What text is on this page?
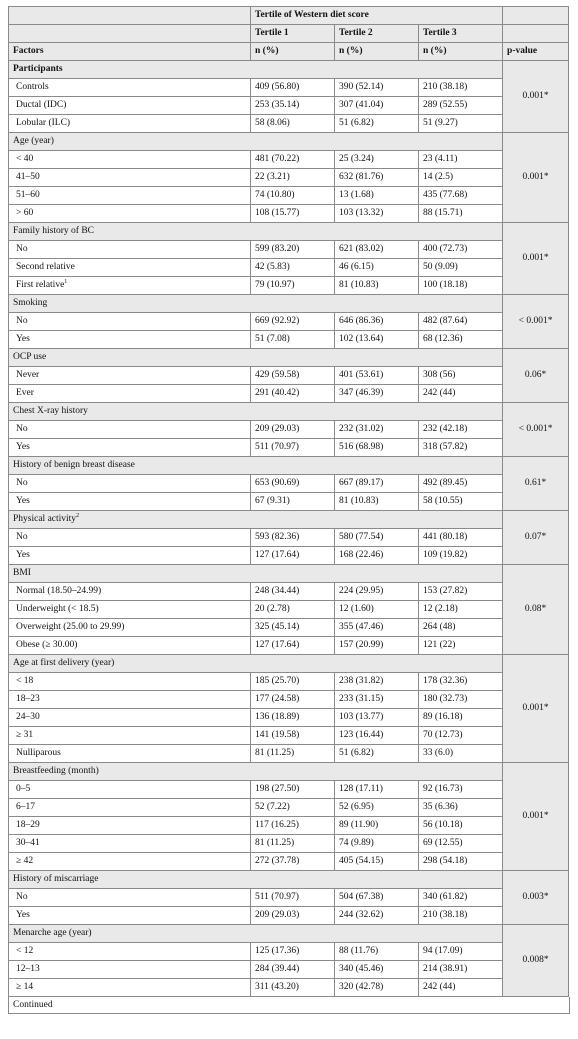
	Tertile of Western diet score			
	Tertile 1	Tertile 2	Tertile 3	
Factors	n (%)	n (%)	n (%)	p-value
Participants				0.001*
Controls	409 (56.80)	390 (52.14)	210 (38.18)	
Ductal (IDC)	253 (35.14)	307 (41.04)	289 (52.55)	
Lobular (ILC)	58 (8.06)	51 (6.82)	51 (9.27)	
Age (year)				0.001*
< 40	481 (70.22)	25 (3.24)	23 (4.11)	
41–50	22 (3.21)	632 (81.76)	14 (2.5)	
51–60	74 (10.80)	13 (1.68)	435 (77.68)	
> 60	108 (15.77)	103 (13.32)	88 (15.71)	
Family history of BC				0.001*
No	599 (83.20)	621 (83.02)	400 (72.73)	
Second relative	42 (5.83)	46 (6.15)	50 (9.09)	
First relative$^1$	79 (10.97)	81 (10.83)	100 (18.18)	
Smoking				< 0.001*
No	669 (92.92)	646 (86.36)	482 (87.64)	
Yes	51 (7.08)	102 (13.64)	68 (12.36)	
OCP use				0.06*
Never	429 (59.58)	401 (53.61)	308 (56)	
Ever	291 (40.42)	347 (46.39)	242 (44)	
Chest X-ray history				< 0.001*
No	209 (29.03)	232 (31.02)	232 (42.18)	
Yes	511 (70.97)	516 (68.98)	318 (57.82)	
History of benign breast disease				0.61*
No	653 (90.69)	667 (89.17)	492 (89.45)	
Yes	67 (9.31)	81 (10.83)	58 (10.55)	
Physical activity$^2$				0.07*
No	593 (82.36)	580 (77.54)	441 (80.18)	
Yes	127 (17.64)	168 (22.46)	109 (19.82)	
BMI				0.08*
Normal (18.50–24.99)	248 (34.44)	224 (29.95)	153 (27.82)	
Underweight (< 18.5)	20 (2.78)	12 (1.60)	12 (2.18)	
Overweight (25.00 to 29.99)	325 (45.14)	355 (47.46)	264 (48)	
Obese (≥ 30.00)	127 (17.64)	157 (20.99)	121 (22)	
Age at first delivery (year)				0.001*
< 18	185 (25.70)	238 (31.82)	178 (32.36)	
18–23	177 (24.58)	233 (31.15)	180 (32.73)	
24–30	136 (18.89)	103 (13.77)	89 (16.18)	
≥ 31	141 (19.58)	123 (16.44)	70 (12.73)	
Nulliparous	81 (11.25)	51 (6.82)	33 (6.0)	
Breastfeeding (month)				0.001*
0–5	198 (27.50)	128 (17.11)	92 (16.73)	
6–17	52 (7.22)	52 (6.95)	35 (6.36)	
18–29	117 (16.25)	89 (11.90)	56 (10.18)	
30–41	81 (11.25)	74 (9.89)	69 (12.55)	
≥ 42	272 (37.78)	405 (54.15)	298 (54.18)	
History of miscarriage				0.003*
No	511 (70.97)	504 (67.38)	340 (61.82)	
Yes	209 (29.03)	244 (32.62)	210 (38.18)	
Menarche age (year)				0.008*
< 12	125 (17.36)	88 (11.76)	94 (17.09)	
12–13	284 (39.44)	340 (45.46)	214 (38.91)	
≥ 14	311 (43.20)	320 (42.78)	242 (44)	
Continued
